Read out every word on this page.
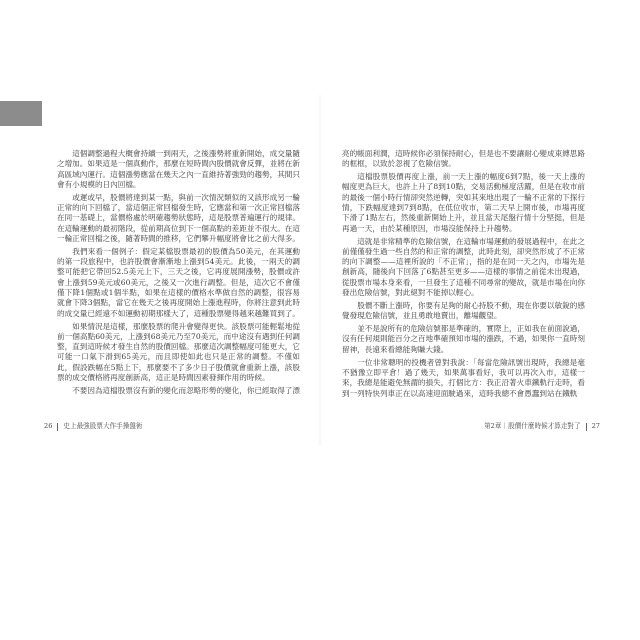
這個調整過程大概會持續一到兩天，之後漲勢將重新開始，成交量隨之增加。如果這是一個真動作，那麼在短時間內股價就會反彈，並將在新高區域內運行。這個漲勢應當在幾天之內一直維持著強勁的趨勢，其間只會有小規模的日內回檔。

或遲或早，股價將達到某一點，與前一次情況類似的又該形成另一輪正常的向下回檔了，當這個正常回檔發生時，它應當和第一次正常回檔落在同一基礎上，當價格處於明確趨勢狀態時，這是股票普遍運行的規律。在這輪運動的最初階段，從前期高位到下一個高點的差距並不很大。在這一輪正常回檔之後，隨著時間的推移，它們攀升幅度將會比之前大得多。

我們來看一個例子：假定某檔股票最初的股價為50美元，在其運動的第一段旅程中，也許股價會漸漸地上漲到54美元。此後，一兩天的調整可能把它帶回52.5美元上下，三天之後，它再度展開漲勢，股價或許會上漲到59美元或60美元，之後又一次進行調整。但是，這次它不會僅僅下降1個點或1個半點，如果在這樣的價格水準做自然的調整，很容易就會下降3個點，當它在幾天之後再度開始上漲進程時，你將注意到此時的成交量已經遠不如運動初期那樣大了，這種股票變得越來越難買到了。

如果情況是這樣，那麼股票的爬升會變得更快。該股票可能輕鬆地從前一個高點60美元，上漲到68美元乃至70美元，而中途沒有遇到任何調整，直到這時候才發生自然的股價回檔。那麼這次調整幅度可能更大，它可能一口氣下滑到65美元，而且即使如此也只是正常的調整。不僅如此，假設跌幅在5點上下，那麼要不了多少日子股價就會重新上漲，該股票的成交價格將再度創新高，這正是時間因素發揮作用的時候。

不要因為這檔股票沒有新的變化而忽略形勢的變化，你已經取得了漂

26 史上最強股票大作手操盤術

亮的帳面利潤，這時候你必須保持耐心，但是也不要讓耐心變成束縛思路的框框，以致於忽視了危險信號。

這檔股票股價再度上漲，前一天上漲的幅度6到7點，後一天上漲的幅度更為巨大，也許上升了8到10點，交易活動極度活躍，但是在收市前的最後一個小時行情卻突然逆轉，突如其來地出現了一輪不正常的下探行情，下跌幅度達到7到8點，在低位收市，第二天早上開市後，市場再度下滑了1點左右，然後重新開始上升，並且當天尾盤行情十分堅挺，但是再過一天，由於某種原因，市場沒能保持上升趨勢。

這就是非常精準的危險信號，在這輪市場運動的發展過程中，在此之前僅僅發生過一些自然的和正常的調整，此時此刻，卻突然形成了不正常的向下調整——這裡所說的「不正常」，指的是在同一天之內，市場先是創新高，隨後向下回落了6點甚至更多——這樣的事情之前從未出現過，從股票市場本身來看，一旦發生了這種不同尋常的變故，就是市場在向你發出危險信號，對此絕對不能掉以輕心。

股價不斷上漲時，你要有足夠的耐心持股不動，現在你要以敏銳的感覺發現危險信號，並且勇敢地賣出，離場觀望。

並不是說所有的危險信號都是準確的，實際上，正如我在前面說過，沒有任何規則能百分之百地準確預知市場的漲跌，不過，如果你一直時刻留神，長遠來看總能夠賺大錢。

一位非常聰明的投機者曾對我說：「每當危險訊號出現時，我總是毫不猶豫立即平倉！過了幾天，如果萬事看好，我可以再次入市，這樣一來，我總是能避免無謂的損失，打個比方：我正沿著火車鐵軌行走時，看到一列特快列車正在以高速迎面駛過來，這時我總不會愚蠢到站在鐵軌

第2章｜股價什麼時候才算走對了 27
